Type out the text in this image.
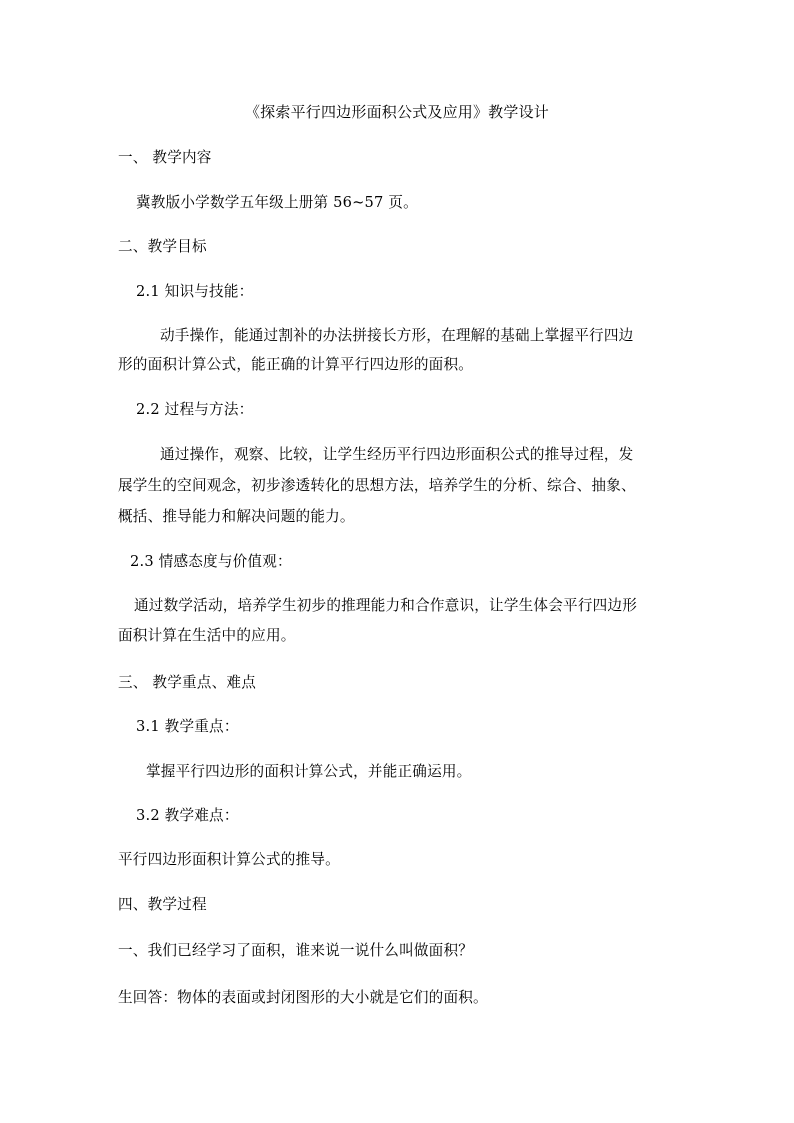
《探索平行四边形面积公式及应用》教学设计
一、 教学内容
冀教版小学数学五年级上册第 56~57 页。
二、教学目标
2.1 知识与技能：
动手操作，能通过割补的办法拼接长方形，在理解的基础上掌握平行四边
形的面积计算公式，能正确的计算平行四边形的面积。
2.2 过程与方法：
通过操作，观察、比较，让学生经历平行四边形面积公式的推导过程，发
展学生的空间观念，初步渗透转化的思想方法，培养学生的分析、综合、抽象、
概括、推导能力和解决问题的能力。
2.3 情感态度与价值观：
通过数学活动，培养学生初步的推理能力和合作意识，让学生体会平行四边形
面积计算在生活中的应用。
三、 教学重点、难点
3.1 教学重点：
掌握平行四边形的面积计算公式，并能正确运用。
3.2 教学难点：
平行四边形面积计算公式的推导。
四、教学过程
一、我们已经学习了面积，谁来说一说什么叫做面积？
生回答：物体的表面或封闭图形的大小就是它们的面积。
